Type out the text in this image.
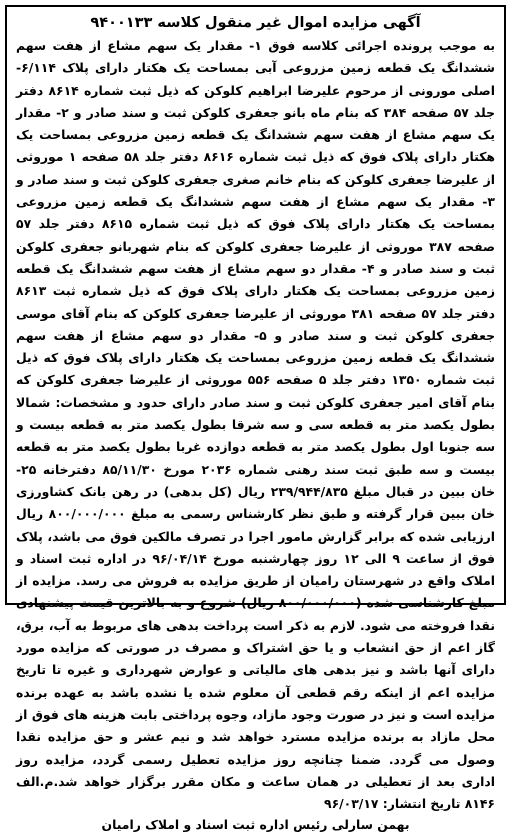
آگهی مزایده اموال غیر منقول کلاسه ۹۴۰۰۱۳۳
به موجب پرونده اجرائی کلاسه فوق ۱- مقدار یک سهم مشاع از هفت سهم ششدانگ یک قطعه زمین مزروعی آبی بمساحت یک هکتار دارای پلاک ۶/۱۱۴-اصلی مورونی از مرحوم علیرضا ابراهیم کلوکن که ذیل ثبت شماره ۸۶۱۴ دفتر جلد ۵۷ صفحه ۳۸۴ که بنام ماه بانو جعفری کلوکن ثبت و سند صادر و ۲- مقدار یک سهم مشاع از هفت سهم ششدانگ یک قطعه زمین مزروعی بمساحت یک هکتار دارای پلاک فوق که ذیل ثبت شماره ۸۶۱۶ دفتر جلد ۵۸ صفحه ۱ موروثی از علیرضا جعفری کلوکن که بنام خانم صغری جعفری کلوکن ثبت و سند صادر و ۳- مقدار یک سهم مشاع از هفت سهم ششدانگ یک قطعه زمین مزروعی بمساحت یک هکتار دارای پلاک فوق که ذیل ثبت شماره ۸۶۱۵ دفتر جلد ۵۷ صفحه ۳۸۷ موروثی از علیرضا جعفری کلوکن که بنام شهربانو جعفری کلوکن ثبت و سند صادر و ۴- مقدار دو سهم مشاع از هفت سهم ششدانگ یک قطعه زمین مزروعی بمساحت یک هکتار دارای پلاک فوق که ذیل شماره ثبت ۸۶۱۳ دفتر جلد ۵۷ صفحه ۳۸۱ موروثی از علیرضا جعفری کلوکن که بنام آقای موسی جعفری کلوکن ثبت و سند صادر و ۵- مقدار دو سهم مشاع از هفت سهم ششدانگ یک قطعه زمین مزروعی بمساحت یک هکتار دارای پلاک فوق که ذیل ثبت شماره ۱۳۵۰ دفتر جلد ۵ صفحه ۵۵۶ موروثی از علیرضا جعفری کلوکن که بنام آقای امیر جعفری کلوکن ثبت و سند صادر دارای حدود و مشخصات: شمالا بطول یکصد متر به قطعه سی و سه شرقا بطول یکصد متر به قطعه بیست و سه جنوبا اول بطول یکصد متر به قطعه دوازده غربا بطول یکصد متر به قطعه بیست و سه طبق ثبت سند رهنی شماره ۲۰۳۶ مورخ ۸۵/۱۱/۳۰ دفترخانه ۲۵- خان ببین در قبال مبلغ ۲۳۹/۹۴۴/۸۳۵ ریال (کل بدهی) در رهن بانک کشاورزی خان ببین قرار گرفته و طبق نظر کارشناس رسمی به مبلغ ۸۰۰/۰۰۰/۰۰۰ ریال ارزیابی شده که برابر گزارش مامور اجرا در تصرف مالکین فوق می باشد، پلاک فوق از ساعت ۹ الی ۱۲ روز چهارشنبه مورخ ۹۶/۰۴/۱۴ در اداره ثبت اسناد و املاک واقع در شهرستان رامیان از طریق مزایده به فروش می رسد. مزایده از مبلغ کارشناسی شده (۸۰۰/۰۰۰/۰۰۰ ریال) شروع و به بالاترین قیمت پیشنهادی نقدا فروخته می شود. لازم به ذکر است پرداخت بدهی های مربوط به آب، برق، گاز اعم از حق انشعاب و یا حق اشتراک و مصرف در صورتی که مزایده مورد دارای آنها باشد و نیز بدهی های مالیاتی و عوارض شهرداری و غیره تا تاریخ مزایده اعم از اینکه رقم قطعی آن معلوم شده یا نشده باشد به عهده برنده مزایده است و نیز در صورت وجود مازاد، وجوه پرداختی بابت هزینه های فوق از محل مازاد به برنده مزایده مسترد خواهد شد و نیم عشر و حق مزایده نقدا وصول می گردد. ضمنا چنانچه روز مزایده تعطیل رسمی گردد، مزایده روز اداری بعد از تعطیلی در همان ساعت و مکان مقرر برگزار خواهد شد.م.الف ۸۱۴۶ تاریخ انتشار: ۹۶/۰۳/۱۷
بهمن سارلی رئیس اداره ثبت اسناد و املاک رامیان
